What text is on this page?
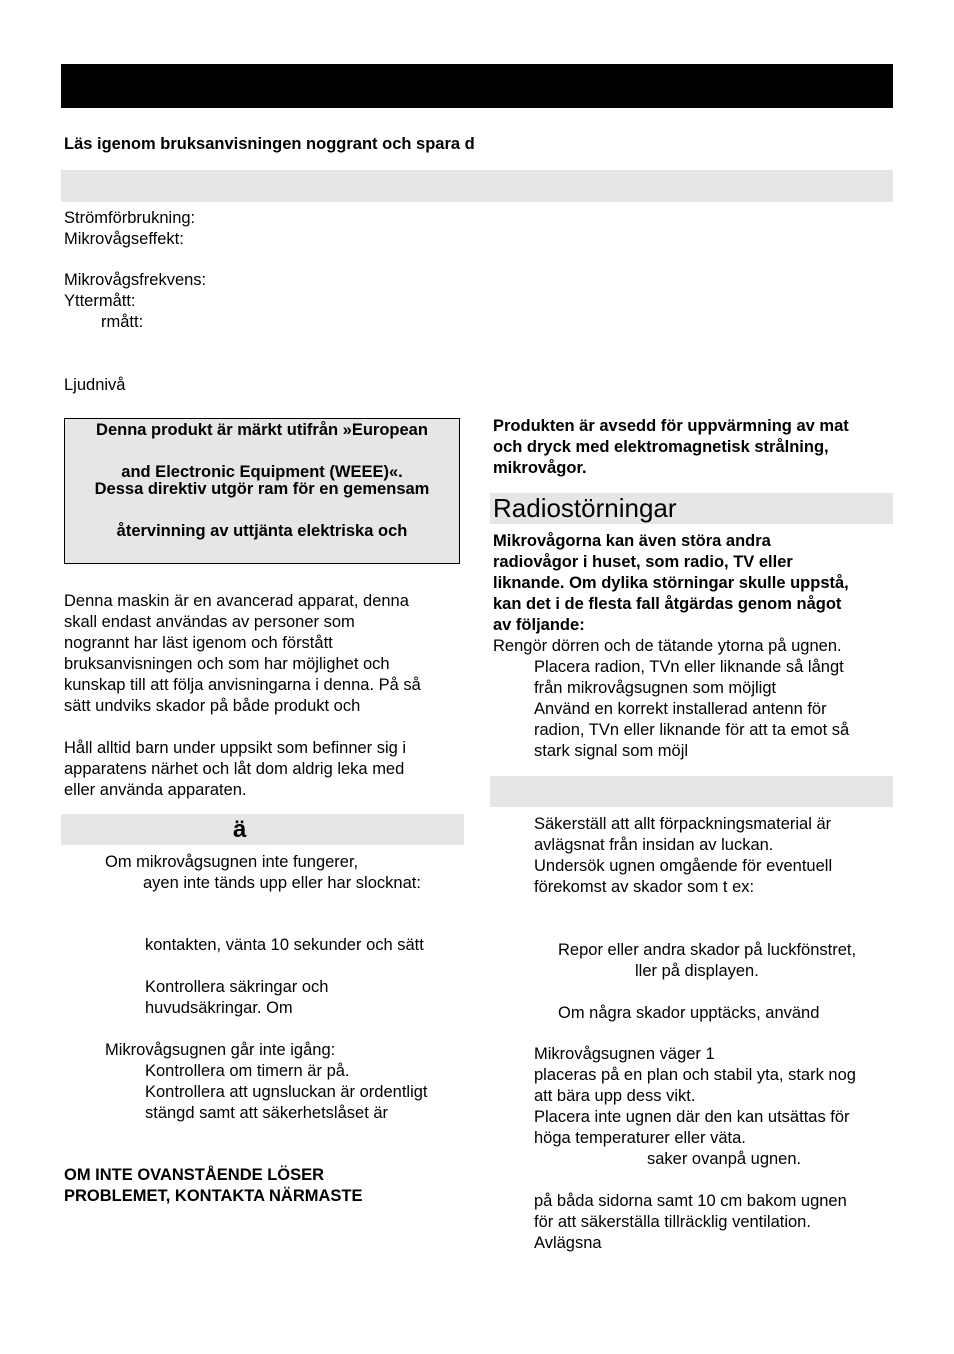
Läs igenom bruksanvisningen noggrant och spara d
Strömförbrukning:
Mikrovågseffekt:
Mikrovågsfrekvens:
Yttermått:
rmått:
Ljudnivå
Denna produkt är märkt utifrån »European
and Electronic Equipment (WEEE)«.
Dessa direktiv utgör ram för en gemensam
återvinning av uttjänta elektriska och
Denna maskin är en avancerad apparat, denna
skall endast användas av personer som
nogrannt har läst igenom och förstått
bruksanvisningen och som har möjlighet och
kunskap till att följa anvisningarna i denna. På så
sätt undviks skador på både produkt och
Håll alltid barn under uppsikt som befinner sig i
apparatens närhet och låt dom aldrig leka med
eller använda apparaten.
ä
Om mikrovågsugnen inte fungerer,
ayen inte tänds upp eller har slocknat:
kontakten, vänta 10 sekunder och sätt
Kontrollera säkringar och
huvudsäkringar. Om
Mikrovågsugnen går inte igång:
Kontrollera om timern är på.
Kontrollera att ugnsluckan är ordentligt
stängd samt att säkerhetslåset är
OM INTE OVANSTÅENDE LÖSER
PROBLEMET, KONTAKTA NÄRMASTE
Produkten är avsedd för uppvärmning av mat
och dryck med elektromagnetisk strålning,
mikrovågor.
Radiostörningar
Mikrovågorna kan även störa andra
radiovågor i huset, som radio, TV eller
liknande. Om dylika störningar skulle uppstå,
kan det i de flesta fall åtgärdas genom något
av följande:
Rengör dörren och de tätande ytorna på ugnen.
Placera radion, TVn eller liknande så långt
från mikrovågsugnen som möjligt
Använd en korrekt installerad antenn för
radion, TVn eller liknande för att ta emot så
stark signal som möjl
Säkerställ att allt förpackningsmaterial är
avlägsnat från insidan av luckan.
Undersök ugnen omgående för eventuell
förekomst av skador som t ex:
Repor eller andra skador på luckfönstret,
ller på displayen.
Om några skador upptäcks, använd
Mikrovågsugnen väger 1
placeras på en plan och stabil yta, stark nog
att bära upp dess vikt.
Placera inte ugnen där den kan utsättas för
höga temperaturer eller väta.
saker ovanpå ugnen.
på båda sidorna samt 10 cm bakom ugnen
för att säkerställa tillräcklig ventilation.
Avlägsna
